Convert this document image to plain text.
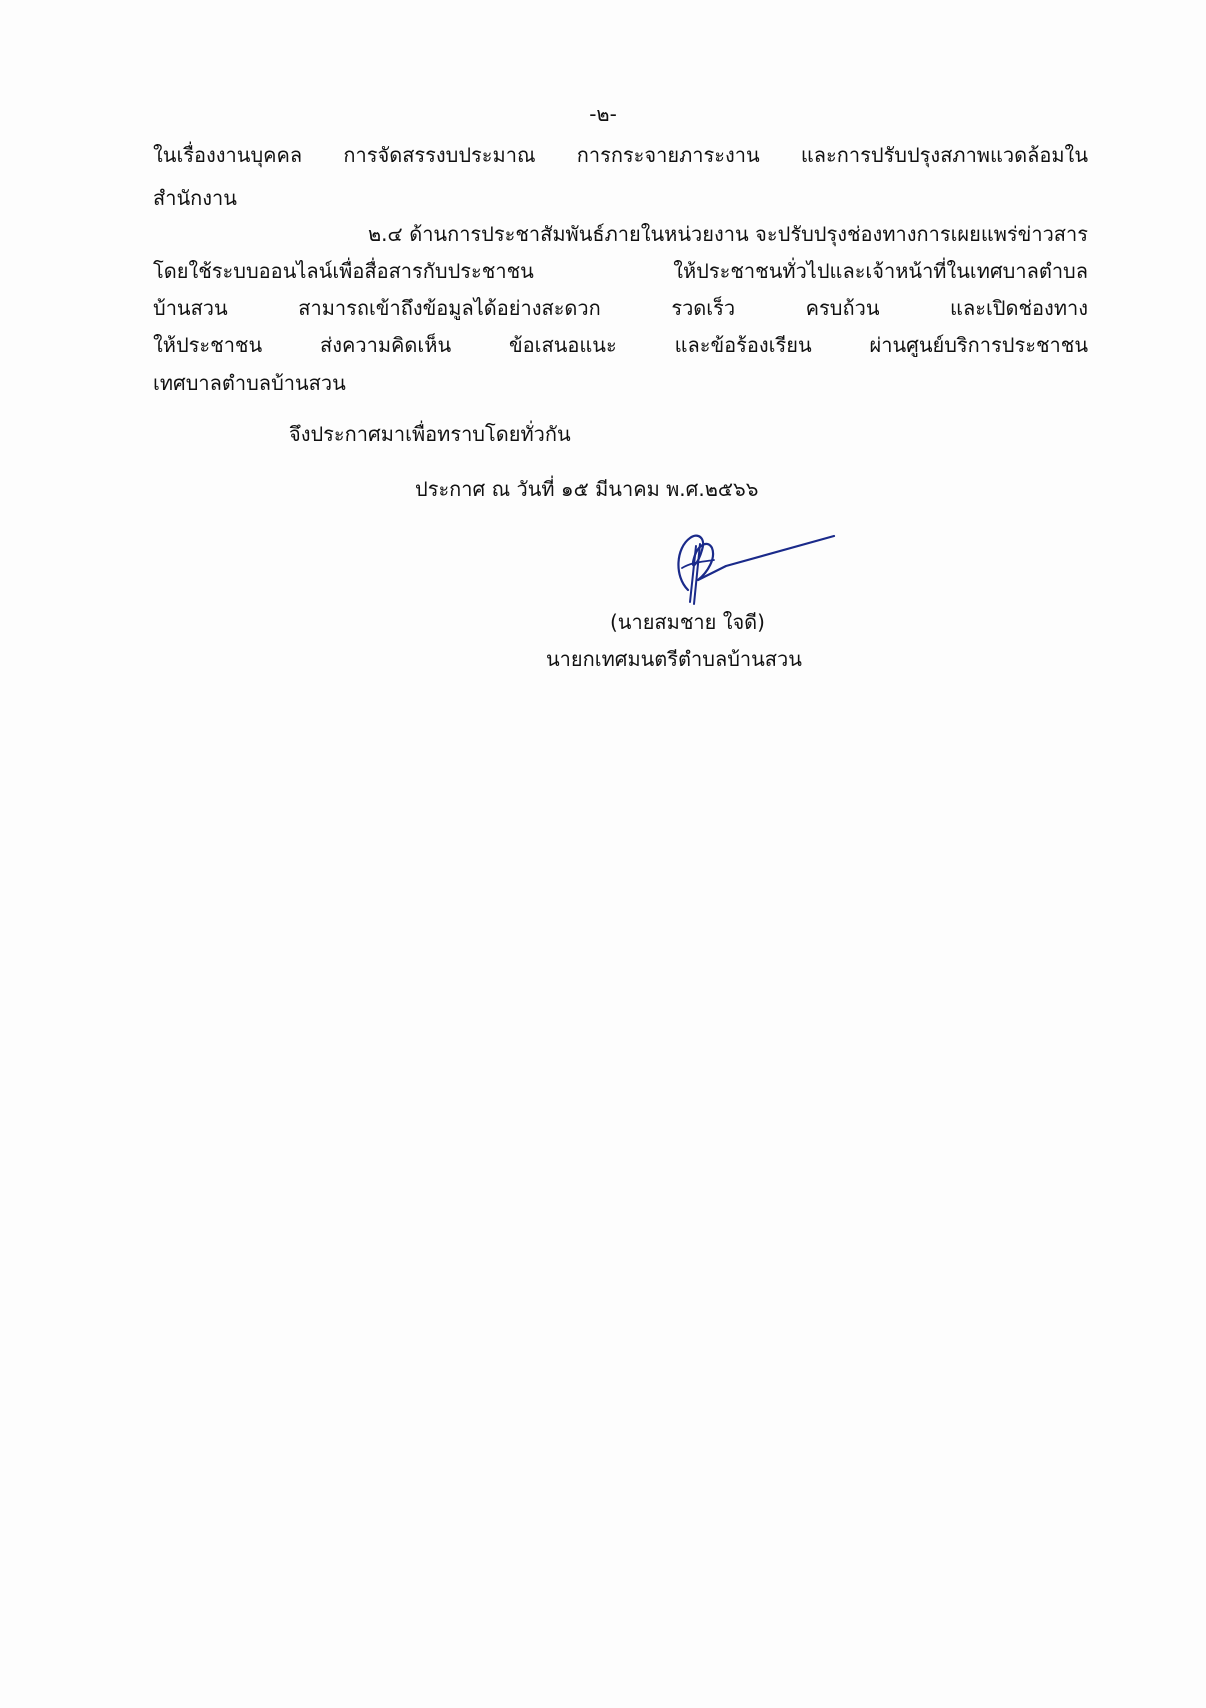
-๒-
ในเรื่องงานบุคคล การจัดสรรงบประมาณ การกระจายภาระงาน และการปรับปรุงสภาพแวดล้อมใน
สำนักงาน
๒.๔ ด้านการประชาสัมพันธ์ภายในหน่วยงาน จะปรับปรุงช่องทางการเผยแพร่ข่าวสาร
โดยใช้ระบบออนไลน์เพื่อสื่อสารกับประชาชน ให้ประชาชนทั่วไปและเจ้าหน้าที่ในเทศบาลตำบล
บ้านสวน สามารถเข้าถึงข้อมูลได้อย่างสะดวก รวดเร็ว ครบถ้วน และเปิดช่องทาง
ให้ประชาชน ส่งความคิดเห็น ข้อเสนอแนะ และข้อร้องเรียน ผ่านศูนย์บริการประชาชน
เทศบาลตำบลบ้านสวน
จึงประกาศมาเพื่อทราบโดยทั่วกัน
ประกาศ ณ วันที่ ๑๕ มีนาคม พ.ศ.๒๕๖๖
(นายสมชาย ใจดี)
นายกเทศมนตรีตำบลบ้านสวน
